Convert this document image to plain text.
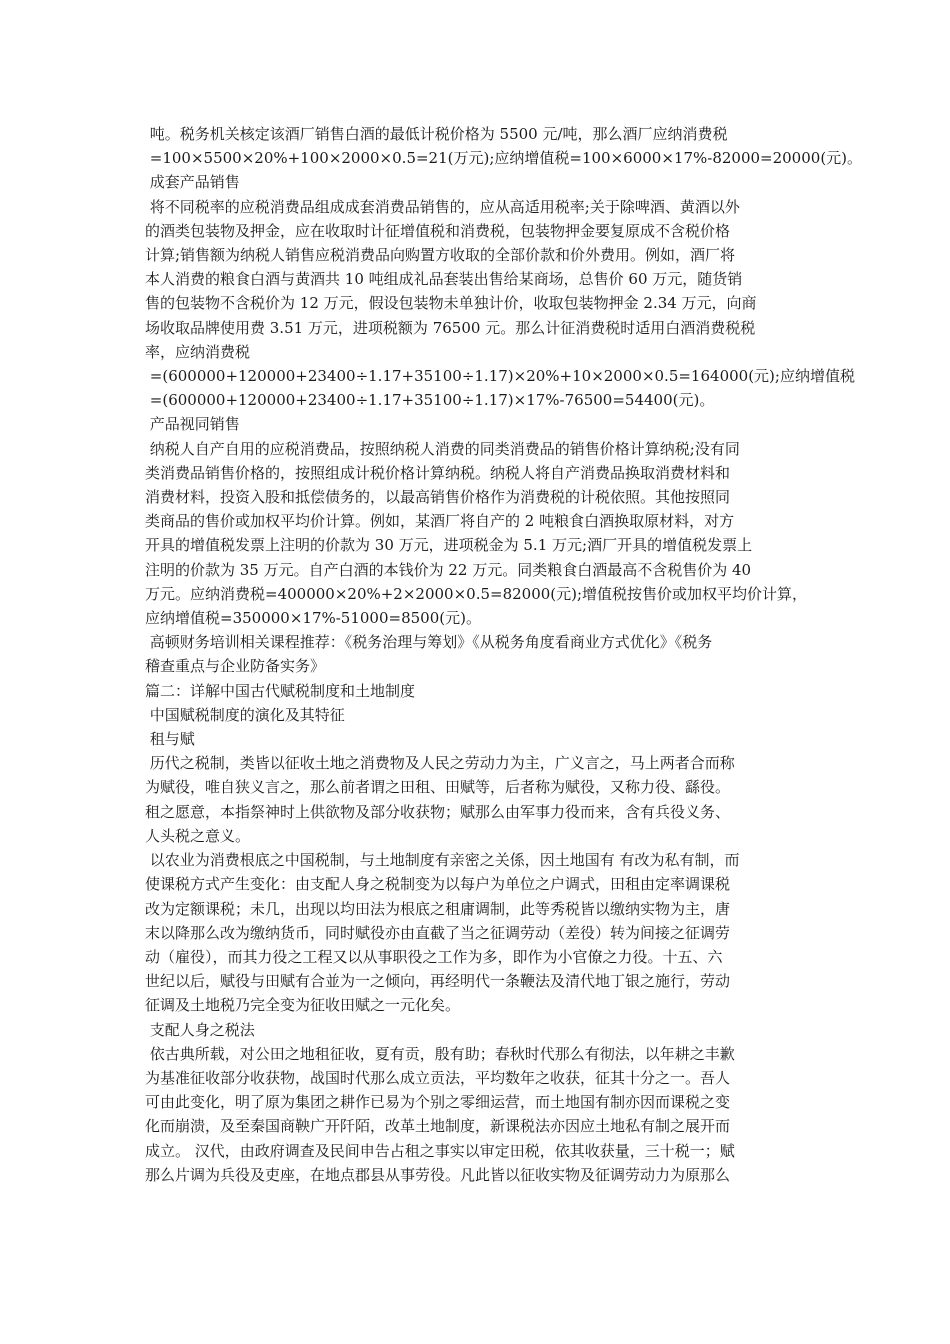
吨。税务机关核定该酒厂销售白酒的最低计税价格为 5500 元/吨，那么酒厂应纳消费税
=100×5500×20%+100×2000×0.5=21(万元);应纳增值税=100×6000×17%-82000=20000(元)。

成套产品销售

将不同税率的应税消费品组成成套消费品销售的，应从高适用税率;关于除啤酒、黄酒以外
的酒类包装物及押金，应在收取时计征增值税和消费税，包装物押金要复原成不含税价格
计算;销售额为纳税人销售应税消费品向购置方收取的全部价款和价外费用。例如，酒厂将
本人消费的粮食白酒与黄酒共 10 吨组成礼品套装出售给某商场，总售价 60 万元，随货销
售的包装物不含税价为 12 万元，假设包装物未单独计价，收取包装物押金 2.34 万元，向商
场收取品牌使用费 3.51 万元，进项税额为 76500 元。那么计征消费税时适用白酒消费税税
率，应纳消费税

=(600000+120000+23400÷1.17+35100÷1.17)×20%+10×2000×0.5=164000(元);应纳增值税
=(600000+120000+23400÷1.17+35100÷1.17)×17%-76500=54400(元)。

产品视同销售

纳税人自产自用的应税消费品，按照纳税人消费的同类消费品的销售价格计算纳税;没有同
类消费品销售价格的，按照组成计税价格计算纳税。纳税人将自产消费品换取消费材料和
消费材料，投资入股和抵偿债务的，以最高销售价格作为消费税的计税依照。其他按照同
类商品的售价或加权平均价计算。例如，某酒厂将自产的 2 吨粮食白酒换取原材料，对方
开具的增值税发票上注明的价款为 30 万元，进项税金为 5.1 万元;酒厂开具的增值税发票上
注明的价款为 35 万元。自产白酒的本钱价为 22 万元。同类粮食白酒最高不含税售价为 40
万元。应纳消费税=400000×20%+2×2000×0.5=82000(元);增值税按售价或加权平均价计算，
应纳增值税=350000×17%-51000=8500(元)。

高顿财务培训相关课程推荐：《税务治理与筹划》《从税务角度看商业方式优化》《税务
稽查重点与企业防备实务》

篇二：详解中国古代赋税制度和土地制度

中国赋税制度的演化及其特征

租与赋

历代之税制，类皆以征收土地之消费物及人民之劳动力为主，广义言之，马上两者合而称
为赋役，唯自狭义言之，那么前者谓之田租、田赋等，后者称为赋役，又称力役、繇役。
租之愿意，本指祭神时上供欲物及部分收获物；赋那么由军事力役而来，含有兵役义务、
人头税之意义。

以农业为消费根底之中国税制，与土地制度有亲密之关係，因土地国有 有改为私有制，而
使课税方式产生变化：由支配人身之税制变为以每户为单位之户调式，田租由定率调课税
改为定额课税；未几，出现以均田法为根底之租庸调制，此等秀税皆以缴纳实物为主，唐
末以降那么改为缴纳货币，同时赋役亦由直截了当之征调劳动（差役）转为间接之征调劳
动（雇役），而其力役之工程又以从事职役之工作为多，即作为小官僚之力役。十五、六
世纪以后，赋役与田赋有合並为一之倾向，再经明代一条鞭法及清代地丁银之施行，劳动
征调及土地税乃完全变为征收田赋之一元化矣。

支配人身之税法

依古典所载，对公田之地租征收，夏有贡，殷有助；春秋时代那么有彻法，以年耕之丰歉
为基准征收部分收获物，战国时代那么成立贡法，平均数年之收获，征其十分之一。吾人
可由此变化，明了原为集团之耕作已易为个别之零细运营，而土地国有制亦因而课税之变
化而崩溃，及至秦国商鞅广开阡陌，改革土地制度，新课税法亦因应土地私有制之展开而
成立。 汉代，由政府调查及民间申告占租之事实以审定田税，依其收获量，三十税一；赋
那么片调为兵役及吏座，在地点郡县从事劳役。凡此皆以征收实物及征调劳动力为原那么
